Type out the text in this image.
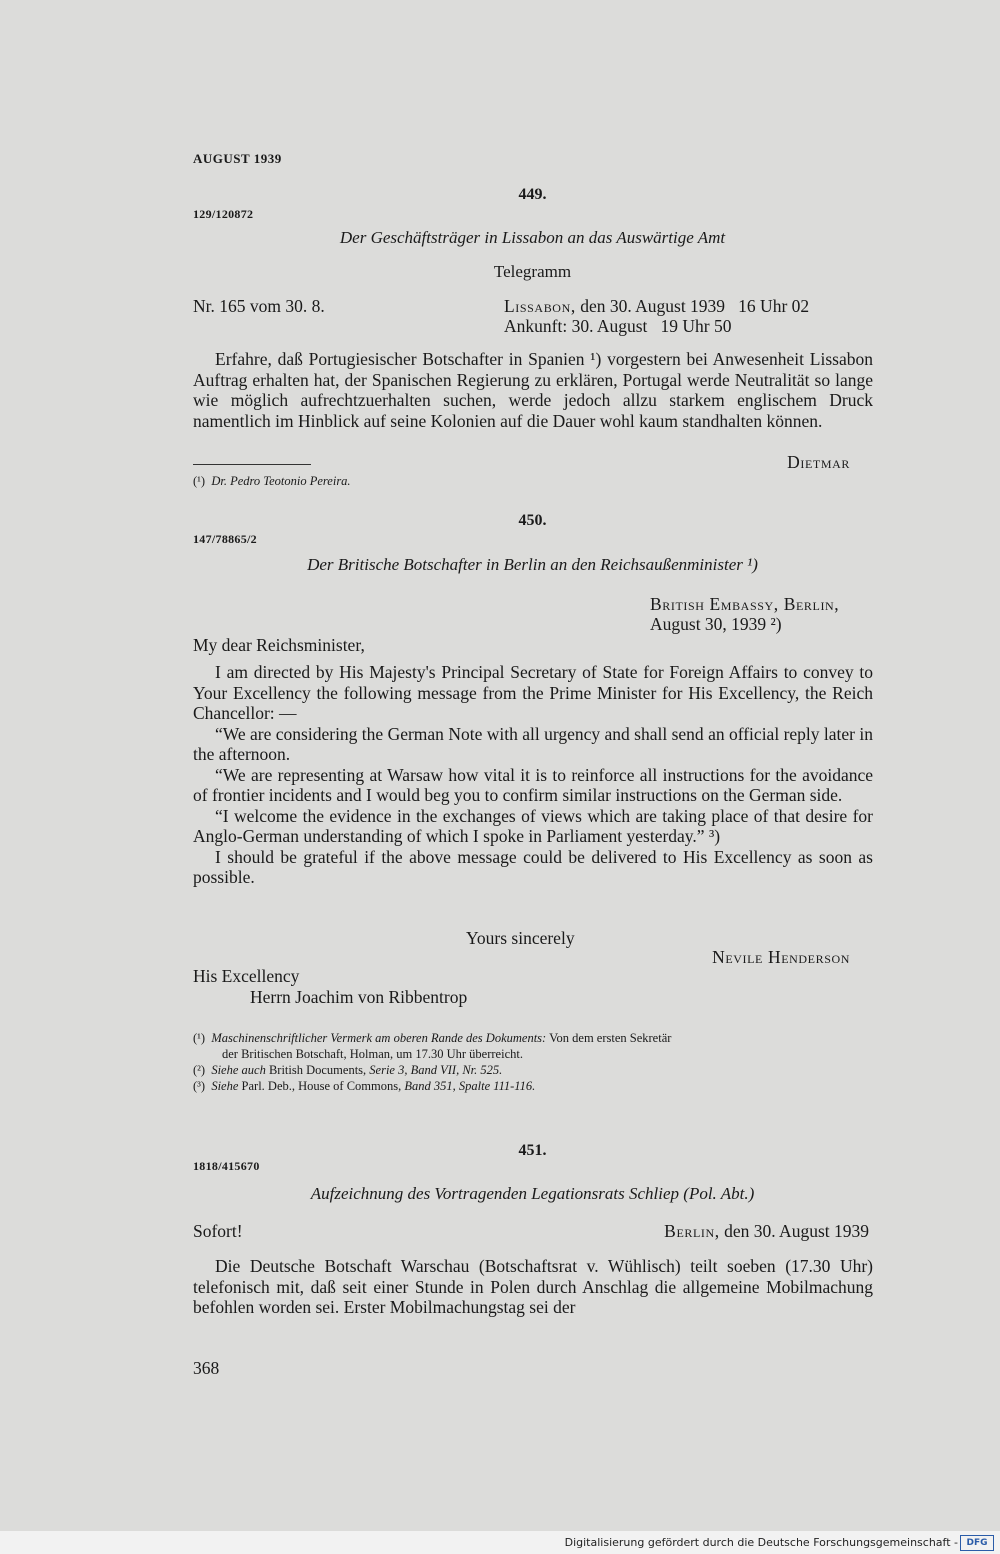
AUGUST 1939
449.
129/120872
Der Geschäftsträger in Lissabon an das Auswärtige Amt
Telegramm
Nr. 165 vom 30. 8.	Lissabon, den 30. August 1939   16 Uhr 02
Ankunft: 30. August   19 Uhr 50
Erfahre, daß Portugiesischer Botschafter in Spanien ¹) vorgestern bei Anwesenheit Lissabon Auftrag erhalten hat, der Spanischen Regierung zu erklären, Portugal werde Neutralität so lange wie möglich aufrechtzuerhalten suchen, werde jedoch allzu starkem englischem Druck namentlich im Hinblick auf seine Kolonien auf die Dauer wohl kaum standhalten können.
Dietmar
(¹) Dr. Pedro Teotonio Pereira.
450.
147/78865/2
Der Britische Botschafter in Berlin an den Reichsaußenminister ¹)
British Embassy, Berlin,
August 30, 1939 ²)
My dear Reichsminister,

I am directed by His Majesty's Principal Secretary of State for Foreign Affairs to convey to Your Excellency the following message from the Prime Minister for His Excellency, the Reich Chancellor: —

“We are considering the German Note with all urgency and shall send an official reply later in the afternoon.

“We are representing at Warsaw how vital it is to reinforce all instructions for the avoidance of frontier incidents and I would beg you to confirm similar instructions on the German side.

“I welcome the evidence in the exchanges of views which are taking place of that desire for Anglo-German understanding of which I spoke in Parliament yesterday.” ³)

I should be grateful if the above message could be delivered to His Excellency as soon as possible.

Yours sincerely
Nevile Henderson
His Excellency
Herrn Joachim von Ribbentrop
(¹) Maschinenschriftlicher Vermerk am oberen Rande des Dokuments: Von dem ersten Sekretär
der Britischen Botschaft, Holman, um 17.30 Uhr überreicht.
(²) Siehe auch British Documents, Serie 3, Band VII, Nr. 525.
(³) Siehe Parl. Deb., House of Commons, Band 351, Spalte 111-116.
451.
1818/415670
Aufzeichnung des Vortragenden Legationsrats Schliep (Pol. Abt.)
Sofort!	Berlin, den 30. August 1939
Die Deutsche Botschaft Warschau (Botschaftsrat v. Wühlisch) teilt soeben (17.30 Uhr) telefonisch mit, daß seit einer Stunde in Polen durch Anschlag die allgemeine Mobilmachung befohlen worden sei. Erster Mobilmachungstag sei der
368
Digitalisierung gefördert durch die Deutsche Forschungsgemeinschaft - DFG
